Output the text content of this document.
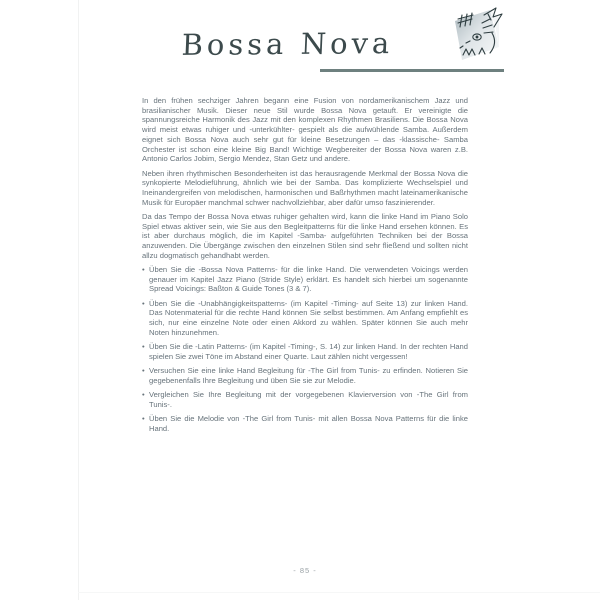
Bossa Nova
In den frühen sechziger Jahren begann eine Fusion von nordamerikanischem Jazz und brasilianischer Musik. Dieser neue Stil wurde Bossa Nova getauft. Er vereinigte die spannungsreiche Harmonik des Jazz mit den komplexen Rhythmen Brasiliens. Die Bossa Nova wird meist etwas ruhiger und -unterkühlter- gespielt als die aufwühlende Samba. Außerdem eignet sich Bossa Nova auch sehr gut für kleine Besetzungen – das -klassische- Samba Orchester ist schon eine kleine Big Band! Wichtige Wegbereiter der Bossa Nova waren z.B. Antonio Carlos Jobim, Sergio Mendez, Stan Getz und andere.
Neben ihren rhythmischen Besonderheiten ist das herausragende Merkmal der Bossa Nova die synkopierte Melodieführung, ähnlich wie bei der Samba. Das komplizierte Wechselspiel und Ineinandergreifen von melodischen, harmonischen und Baßrhythmen macht lateinamerikanische Musik für Europäer manchmal schwer nachvollziehbar, aber dafür umso faszinierender.
Da das Tempo der Bossa Nova etwas ruhiger gehalten wird, kann die linke Hand im Piano Solo Spiel etwas aktiver sein, wie Sie aus den Begleitpatterns für die linke Hand ersehen können. Es ist aber durchaus möglich, die im Kapitel -Samba- aufgeführten Techniken bei der Bossa anzuwenden. Die Übergänge zwischen den einzelnen Stilen sind sehr fließend und sollten nicht allzu dogmatisch gehandhabt werden.
• Üben Sie die -Bossa Nova Patterns- für die linke Hand. Die verwendeten Voicings werden genauer im Kapitel Jazz Piano (Stride Style) erklärt. Es handelt sich hierbei um sogenannte Spread Voicings: Baßton & Guide Tones (3 & 7).
• Üben Sie die -Unabhängigkeitspatterns- (im Kapitel -Timing- auf Seite 13) zur linken Hand. Das Notenmaterial für die rechte Hand können Sie selbst bestimmen. Am Anfang empfiehlt es sich, nur eine einzelne Note oder einen Akkord zu wählen. Später können Sie auch mehr Noten hinzunehmen.
• Üben Sie die -Latin Patterns- (im Kapitel -Timing-, S. 14) zur linken Hand. In der rechten Hand spielen Sie zwei Töne im Abstand einer Quarte. Laut zählen nicht vergessen!
• Versuchen Sie eine linke Hand Begleitung für -The Girl from Tunis- zu erfinden. Notieren Sie gegebenenfalls Ihre Begleitung und üben Sie sie zur Melodie.
• Vergleichen Sie Ihre Begleitung mit der vorgegebenen Klavierversion von -The Girl from Tunis-.
• Üben Sie die Melodie von -The Girl from Tunis- mit allen Bossa Nova Patterns für die linke Hand.
- 85 -
